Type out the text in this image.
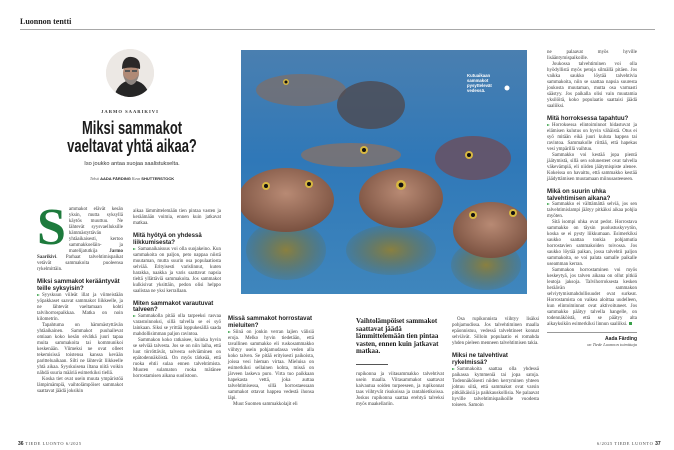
Luonnon tentti
JARMO SAARIKIVI
Miksi sammakot
vaeltavat yhtä aikaa?
Iso joukko antaa suojaa saalistukselta.
Teksti AADA FÄRDING Kuva SHUTTERSTOCK
Kutuaikaan sammakot pysyttelevät vedessä.
S ammakot elävät kesän yksin, mutta syksyllä käytös muuttuu. Ne lähtevät syysvaelluksille hämmästyttävän yhtäaikaisesti, kertoo sammakkoeläin- ja matelijatutkija Jarmo Saarikivi. Parhaat talvehtimispaikat vetävät sammakoita puoleensa rykelmittäin.

Miksi sammakot kerääntyvät teille syksyisin?

Syyskuun viileät illat ja viimeistään yöpakkaset saavat sammakot liikkeelle, ja ne lähtevät vaeltamaan kohti talvihorrospaikkaa. Matka on noin kilometrin.

Tapahtuma on hämmästyttävän yhtäaikainen. Sammakot puuhailevat omiaan koko kesän eivätkä juuri tapaa muita sammakoita tai kommunikoi keskenään. Viimeksi ne ovat olleet tekemisissä toistensa kanssa kevään paritteluaikaan. Silti ne lähtevät liikkeelle yhtä aikaa. Syyskuisena iltana niitä voikin nähdä suuria määriä esimerkiksi tiellä.

Koska tiet ovat usein muuta ympäristöä lämpimämpiä, vaihtolämpöiset sammakot saattavat jäädä joksikin

aikaa lämmittelemään tien pintaa vasten ja keräämään voimia, ennen kuin jatkavat matkaa.

Mitä hyötyä on yhdessä liikkumisesta?

Samanaikaisuus voi olla suojakeino. Kun sammakoita on paljon, peto nappaa niistä muutaman, mutta suurin osa populaatiosta selviää. Erityisesti varislinnut, kuten harakka, naakka ja varis saattavat napsia tieltä yllättäviä sammakoita. Jos sammakot kulkisivat yksittäin, pedon olisi helppo saalistaa ne yksi kerrallaan.

Miten sammakot varautuvat talveen?

Sammakolla pitää olla tarpeeksi rasvaa varastoinnoksi, sillä talvella se ei syö lainkaan. Siksi se yrittää loppukesällä saada mahdollisimman paljon ravintoa.

Sammakon koko ratkaisee, kuinka hyvin se selviää talvesta. Jos se on niin laiha, että luut törröttävät, talvesta selviäminen on epätodennäköistä. On myös tärkeää, että ruoka ehtii sulaa ennen talvehtimista. Muuten sulamaton ruoka mätänee horrostamisen aikana suolistoon.

Missä sammakot horrostavat mieluiten?

Siinä on jonkin verran lajien välisiä eroja. Melko hyvin tiedetään, että tavallinen sammakko eli ruskosammakko viihtyy usein pohjamudassa veden alla koko talven. Se pitää erityisesti paikoista, joissa vesi hieman virtaa. Mieluisa on esimerkiksi sellainen kohta, missä on järveen laskeva puro. Virta tuo paikkaan hapekasta vettä, joka auttaa talvehtimisessa, sillä horrostaessaan sammakot ottavat happea vedestä ihonsa läpi.

Muut Suomen sammakkolajit eli

Vaihtolämpöiset sammakot saattavat jäädä lämmittelemään tien pintaa vasten, ennen kuin jatkavat matkaa.

rupikonna ja viitasammakko talvehtivat usein maalla. Viitasammakot saattavat kaivautua soiden turpeeseen, ja rupikonnat taas viihtyvät risukoissa ja rantahietikoissa. Joskus rupikonna saattaa erehtyä talveksi myös maakellariin.

Osa rupikonnista viihtyy lisäksi pohjamudissa. Jos talvehtiminen maalla epäonnistuu, vedessä talvehtineet konnat selviävät. Silloin populaatio ei romahda yhden pieleen menneen talvehtimisen takia.

Miksi ne talvehtivat rykelmissä?

Sammakoita saattaa olla yhdessä paikassa kymmeniä tai jopa satoja. Todennäköisesti niiden kerryminen yhteen johtuu siitä, että sammakot ovat varsin pitkäikäisiä ja paikkauskollisia. Ne palaavat hyville talvehtimispaikoille vuodesta toiseen. Samoin

ne palaavat myös hyville lisääntymispaikoille.

Joukossa talvehtiminen voi olla hyödyllistä myös petoja silmällä pitäen. Jos vaikka saukko löytää talvehtivia sammakoita, niin se saattaa napsia suuresta joukosta muutaman, mutta osa varmasti säästyy. Jos paikalla olisi vain muutamia yksilöitä, koko populaatio saattaisi jäädä saaliiksi.

Mitä horroksessa tapahtuu?

Horroksessa elintoiminnot hidastuvat ja elämisen kulutus on hyvin vähäistä. Otus ei syö mitään eikä juuri kuluta happea tai ravintoa. Sammakolle riittää, että hapekas vesi ympärillä vaihtuu.

Sammakko voi kestää jopa pientä jäätymistä, sillä sen solunesteet ovat talvella väkevämpiä, eli niiden jäätymispiste alenee. Kokeissa on havaittu, että sammakko kestää jäädyttämisen muutamaan miinusasteeseen.

Mikä on suurin uhka talvehtimisen aikana?

Sammakko ei välttämättä selviä, jos sen talvehtimislampi jäätyy pitkäksi aikaa pohjia myöten.

Sitä isompi uhka ovat pedot. Horrostava sammakko on täysin puolustuskyvytön, koska se ei pysty liikkumaan. Esimerkiksi saukko saattaa tonkia pohjamutia horrostavien sammakoiden toivossa. Jos saukko löytää paikan, jossa talvehtii paljon sammakoita, se voi palata samalle paikalle useamman kerran.

Sammakon horrostaminen voi myös keskeytyä, jos talven aikana on ollut pitkiä leutoja jaksoja. Talvihorroksesta kesken heräävän sammakon selviytymismahdollisuudet ovat surkeat. Horrostamista on vaikea aloittaa uudelleen, kun elintoiminnot ovat aktivoituneet. Jos sammakko päätyy talvella hangelle, on todennäköistä, että se päätyy alta aikayksikön esimerkiksi linnun saaliiksi.

Aada Färding
on Tiede Luonnon toimittaja
36 TIEDE LUONTO 6/2025	6/2025 TIEDE LUONTO 37
